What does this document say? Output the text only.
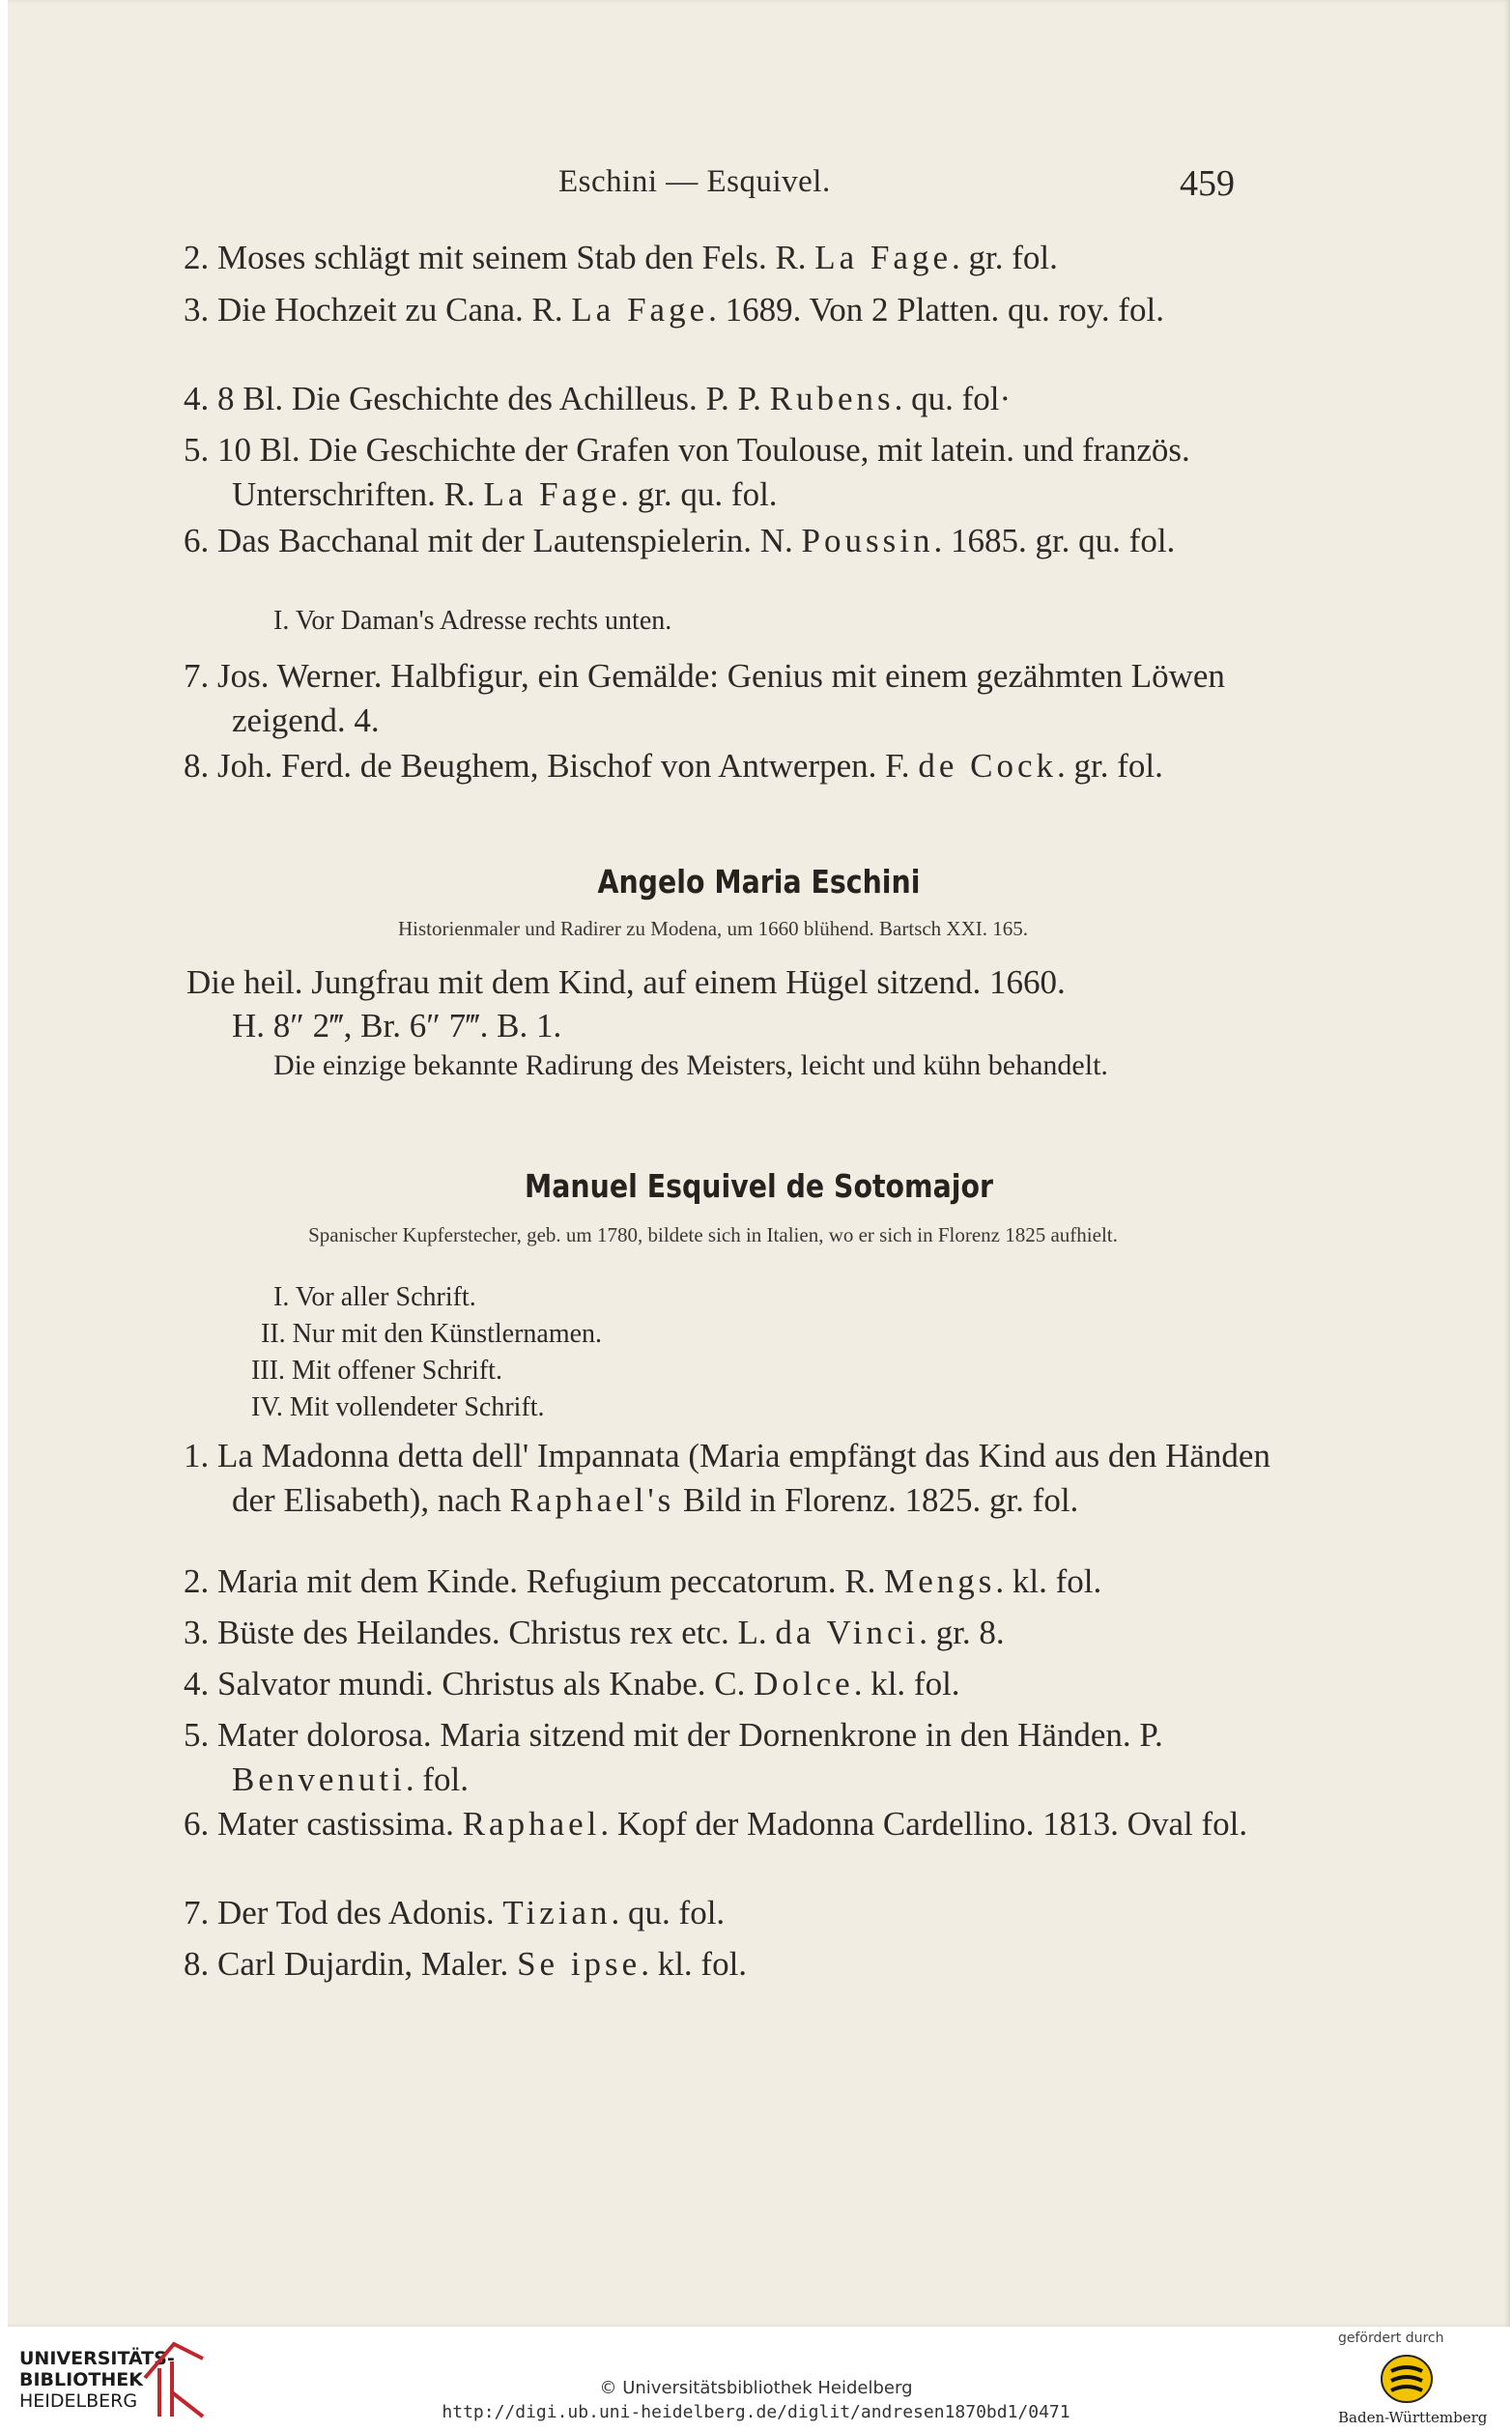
Eschini — Esquivel.	459
2. Moses schlägt mit seinem Stab den Fels. R. La Fage. gr. fol.
3. Die Hochzeit zu Cana. R. La Fage. 1689. Von 2 Platten. qu. roy. fol.
4. 8 Bl. Die Geschichte des Achilleus. P. P. Rubens. qu. fol·
5. 10 Bl. Die Geschichte der Grafen von Toulouse, mit latein. und französ. Unterschriften. R. La Fage. gr. qu. fol.
6. Das Bacchanal mit der Lautenspielerin. N. Poussin. 1685. gr. qu. fol.
I. Vor Daman's Adresse rechts unten.
7. Jos. Werner. Halbfigur, ein Gemälde: Genius mit einem gezähmten Löwen zeigend. 4.
8. Joh. Ferd. de Beughem, Bischof von Antwerpen. F. de Cock. gr. fol.
Angelo Maria Eschini
Historienmaler und Radirer zu Modena, um 1660 blühend. Bartsch XXI. 165.
Die heil. Jungfrau mit dem Kind, auf einem Hügel sitzend. 1660.
H. 8″ 2‴, Br. 6″ 7‴. B. 1.
Die einzige bekannte Radirung des Meisters, leicht und kühn behandelt.
Manuel Esquivel de Sotomajor
Spanischer Kupferstecher, geb. um 1780, bildete sich in Italien, wo er sich in Florenz 1825 aufhielt.
I. Vor aller Schrift.
II. Nur mit den Künstlernamen.
III. Mit offener Schrift.
IV. Mit vollendeter Schrift.
1. La Madonna detta dell' Impannata (Maria empfängt das Kind aus den Händen der Elisabeth), nach Raphael's Bild in Florenz. 1825. gr. fol.
2. Maria mit dem Kinde. Refugium peccatorum. R. Mengs. kl. fol.
3. Büste des Heilandes. Christus rex etc. L. da Vinci. gr. 8.
4. Salvator mundi. Christus als Knabe. C. Dolce. kl. fol.
5. Mater dolorosa. Maria sitzend mit der Dornenkrone in den Händen. P. Benvenuti. fol.
6. Mater castissima. Raphael. Kopf der Madonna Cardellino. 1813. Oval fol.
7. Der Tod des Adonis. Tizian. qu. fol.
8. Carl Dujardin, Maler. Se ipse. kl. fol.
UNIVERSITÄTS-
BIBLIOTHEK
HEIDELBERG
© Universitätsbibliothek Heidelberg
http://digi.ub.uni-heidelberg.de/diglit/andresen1870bd1/0471
gefördert durch
Baden-Württemberg
